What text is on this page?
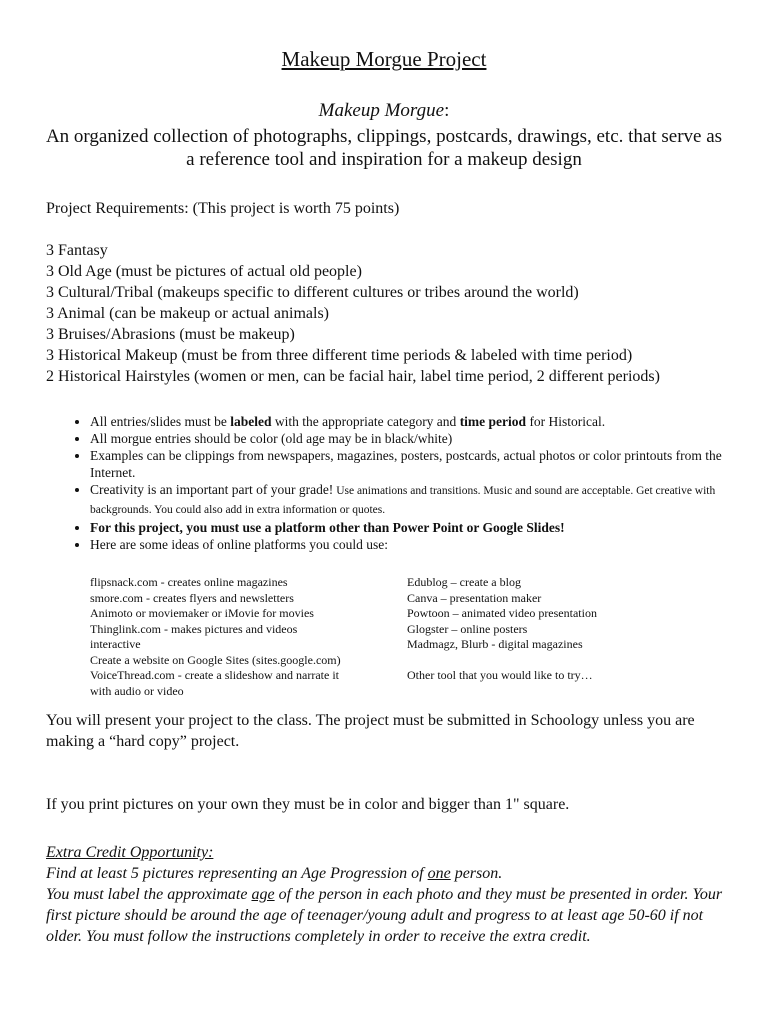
Makeup Morgue Project
Makeup Morgue:
An organized collection of photographs, clippings, postcards, drawings, etc. that serve as a reference tool and inspiration for a makeup design
Project Requirements: (This project is worth 75 points)
3 Fantasy
3 Old Age (must be pictures of actual old people)
3 Cultural/Tribal (makeups specific to different cultures or tribes around the world)
3 Animal (can be makeup or actual animals)
3 Bruises/Abrasions (must be makeup)
3 Historical Makeup (must be from three different time periods & labeled with time period)
2 Historical Hairstyles (women or men, can be facial hair, label time period, 2 different periods)
• All entries/slides must be labeled with the appropriate category and time period for Historical.
• All morgue entries should be color (old age may be in black/white)
• Examples can be clippings from newspapers, magazines, posters, postcards, actual photos or color printouts from the Internet.
• Creativity is an important part of your grade! Use animations and transitions. Music and sound are acceptable. Get creative with backgrounds. You could also add in extra information or quotes.
• For this project, you must use a platform other than Power Point or Google Slides!
• Here are some ideas of online platforms you could use:
flipsnack.com - creates online magazines
smore.com - creates flyers and newsletters
Animoto or moviemaker or iMovie for movies
Thinglink.com - makes pictures and videos
interactive
Create a website on Google Sites (sites.google.com)
VoiceThread.com - create a slideshow and narrate it
with audio or video
Edublog – create a blog
Canva – presentation maker
Powtoon – animated video presentation
Glogster – online posters
Madmagz, Blurb - digital magazines
Other tool that you would like to try…
You will present your project to the class. The project must be submitted in Schoology unless you are making a “hard copy” project.
If you print pictures on your own they must be in color and bigger than 1" square.
Extra Credit Opportunity:
Find at least 5 pictures representing an Age Progression of one person.
You must label the approximate age of the person in each photo and they must be presented in order. Your first picture should be around the age of teenager/young adult and progress to at least age 50-60 if not older. You must follow the instructions completely in order to receive the extra credit.
